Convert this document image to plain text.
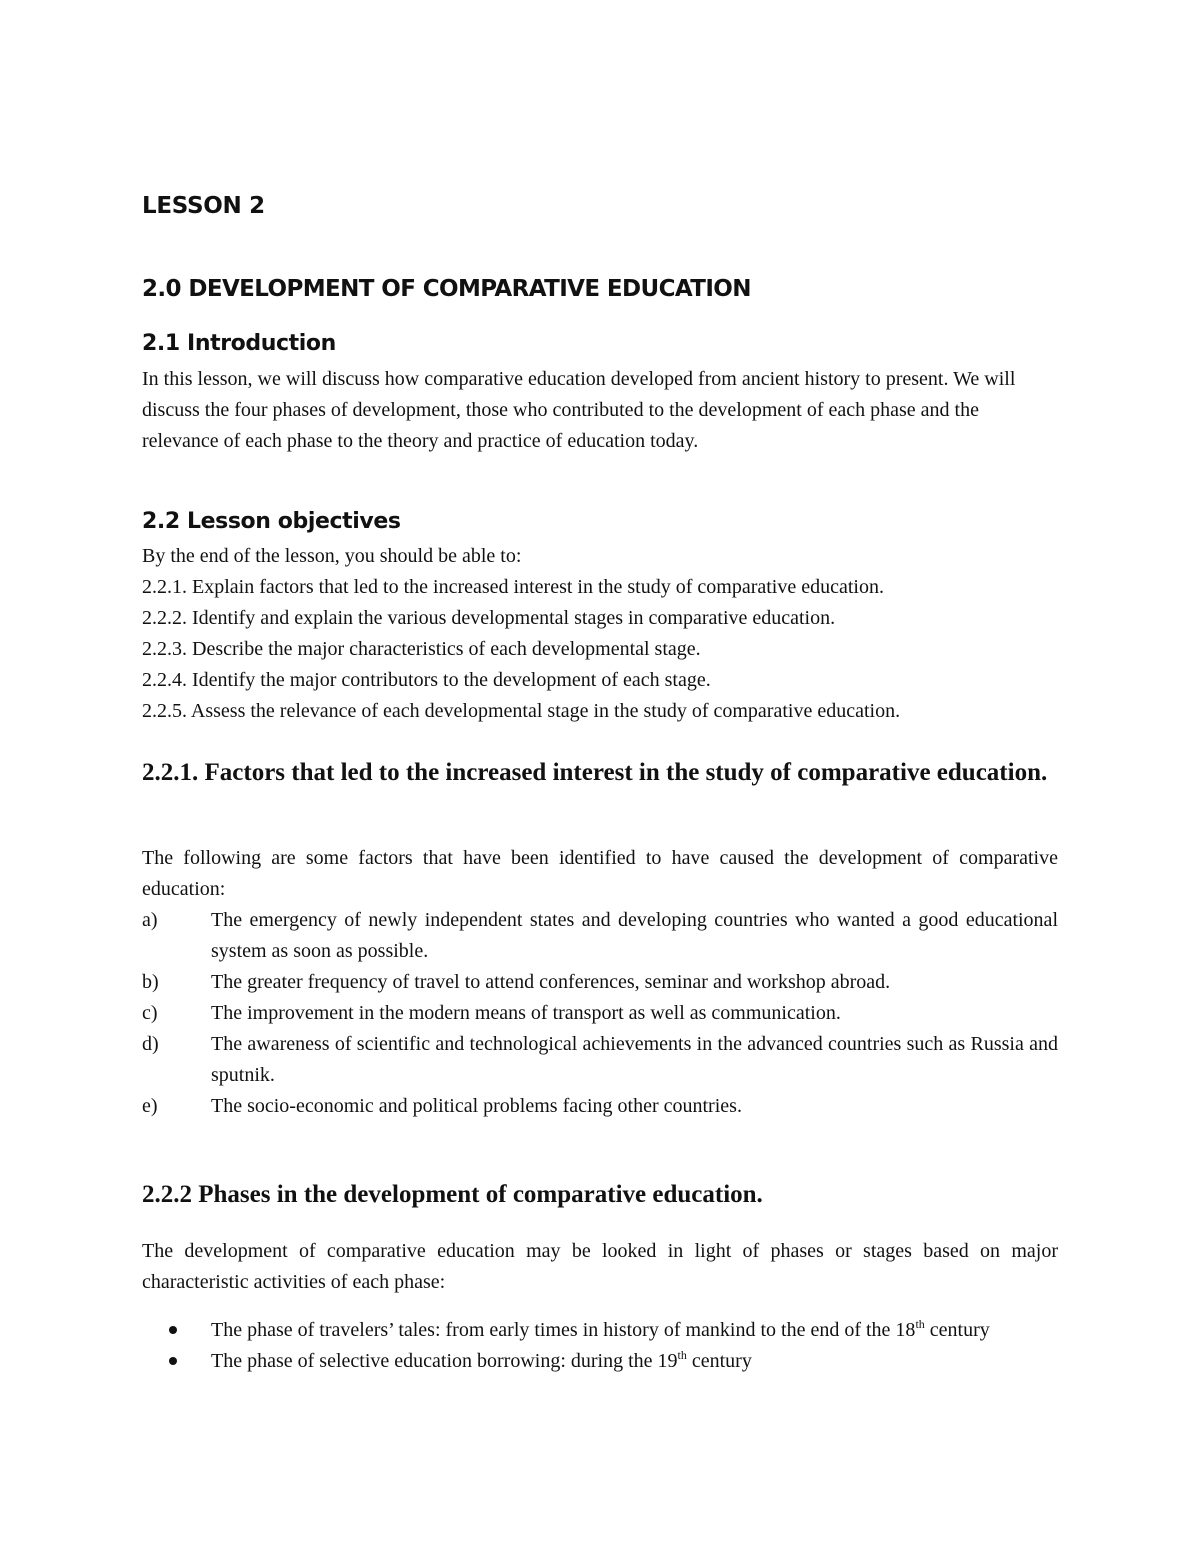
LESSON 2

2.0 DEVELOPMENT OF COMPARATIVE EDUCATION

2.1 Introduction

In this lesson, we will discuss how comparative education developed from ancient history to present. We will discuss the four phases of development, those who contributed to the development of each phase and the relevance of each phase to the theory and practice of education today.

2.2 Lesson objectives

By the end of the lesson, you should be able to:

2.2.1. Explain factors that led to the increased interest in the study of comparative education.
2.2.2. Identify and explain the various developmental stages in comparative education.
2.2.3. Describe the major characteristics of each developmental stage.
2.2.4. Identify the major contributors to the development of each stage.
2.2.5. Assess the relevance of each developmental stage in the study of comparative education.

2.2.1. Factors that led to the increased interest in the study of comparative education.

The following are some factors that have been identified to have caused the development of comparative education:

a)	The emergency of newly independent states and developing countries who wanted a good educational system as soon as possible.
b)	The greater frequency of travel to attend conferences, seminar and workshop abroad.
c)	The improvement in the modern means of transport as well as communication.
d)	The awareness of scientific and technological achievements in the advanced countries such as Russia and sputnik.
e)	The socio-economic and political problems facing other countries.

2.2.2 Phases in the development of comparative education.

The development of comparative education may be looked in light of phases or stages based on major characteristic activities of each phase:

The phase of travelers’ tales: from early times in history of mankind to the end of the 18th century
The phase of selective education borrowing: during the 19th century
